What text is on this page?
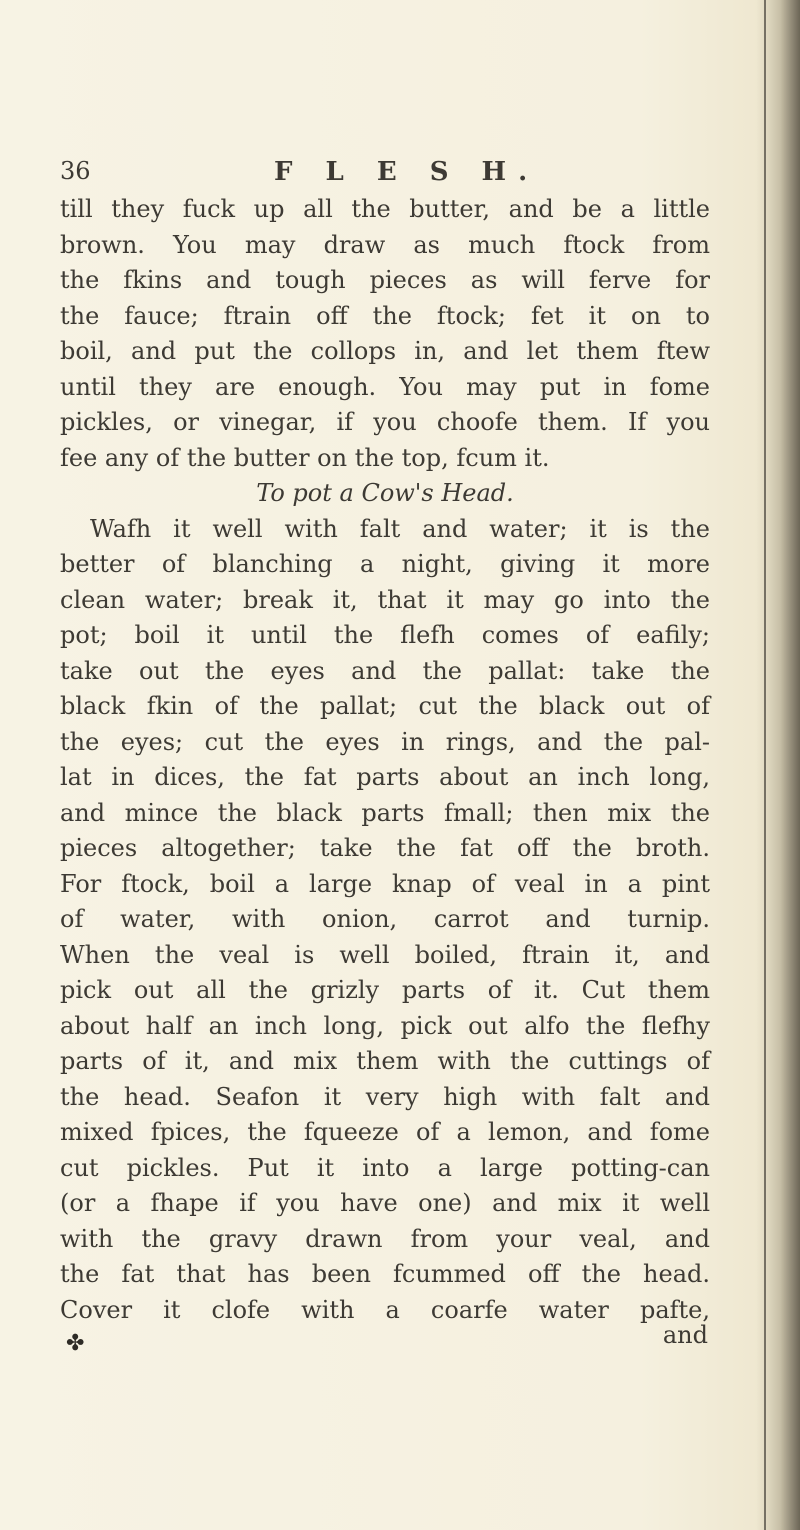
36	F L E S H.
till they fuck up all the butter, and be a little
brown. You may draw as much ftock from
the fkins and tough pieces as will ferve for
the fauce; ftrain off the ftock; fet it on to
boil, and put the collops in, and let them ftew
until they are enough. You may put in fome
pickles, or vinegar, if you choofe them. If you
fee any of the butter on the top, fcum it.
To pot a Cow's Head.
Wafh it well with falt and water; it is the
better of blanching a night, giving it more
clean water; break it, that it may go into the
pot; boil it until the flefh comes of eafily;
take out the eyes and the pallat: take the
black fkin of the pallat; cut the black out of
the eyes; cut the eyes in rings, and the pal-
lat in dices, the fat parts about an inch long,
and mince the black parts fmall; then mix the
pieces altogether; take the fat off the broth.
For ftock, boil a large knap of veal in a pint
of water, with onion, carrot and turnip.
When the veal is well boiled, ftrain it, and
pick out all the grizly parts of it. Cut them
about half an inch long, pick out alfo the flefhy
parts of it, and mix them with the cuttings of
the head. Seafon it very high with falt and
mixed fpices, the fqueeze of a lemon, and fome
cut pickles. Put it into a large potting-can
(or a fhape if you have one) and mix it well
with the gravy drawn from your veal, and
the fat that has been fcummed off the head.
Cover it clofe with a coarfe water pafte,
✤	and
